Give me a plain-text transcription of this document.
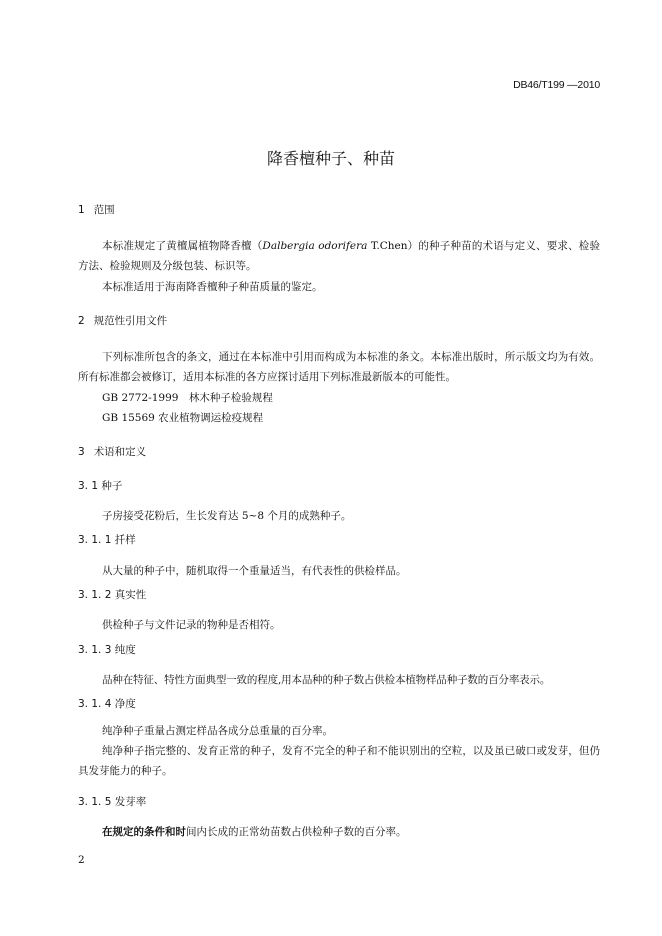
DB46/T199 —2010
降香檀种子、种苗
1 范围
本标准规定了黄檀属植物降香檀（Dalbergia odorifera T.Chen）的种子种苗的术语与定义、要求、检验方法、检验规则及分级包装、标识等。
本标准适用于海南降香檀种子种苗质量的鉴定。
2 规范性引用文件
下列标准所包含的条文，通过在本标准中引用而构成为本标准的条文。本标准出版时，所示版文均为有效。所有标准都会被修订，适用本标准的各方应探讨适用下列标准最新版本的可能性。
GB 2772-1999　林木种子检验规程
GB 15569 农业植物调运检疫规程
3 术语和定义
3. 1 种子
子房接受花粉后，生长发育达 5~8 个月的成熟种子。
3. 1. 1 扦样
从大量的种子中，随机取得一个重量适当，有代表性的供检样品。
3. 1. 2 真实性
供检种子与文件记录的物种是否相符。
3. 1. 3 纯度
品种在特征、特性方面典型一致的程度,用本品种的种子数占供检本植物样品种子数的百分率表示。
3. 1. 4 净度
纯净种子重量占测定样品各成分总重量的百分率。
纯净种子指完整的、发育正常的种子，发育不完全的种子和不能识别出的空粒，以及虽已破口或发芽，但仍具发芽能力的种子。
3. 1. 5 发芽率
在规定的条件和时间内长成的正常幼苗数占供检种子数的百分率。
2
